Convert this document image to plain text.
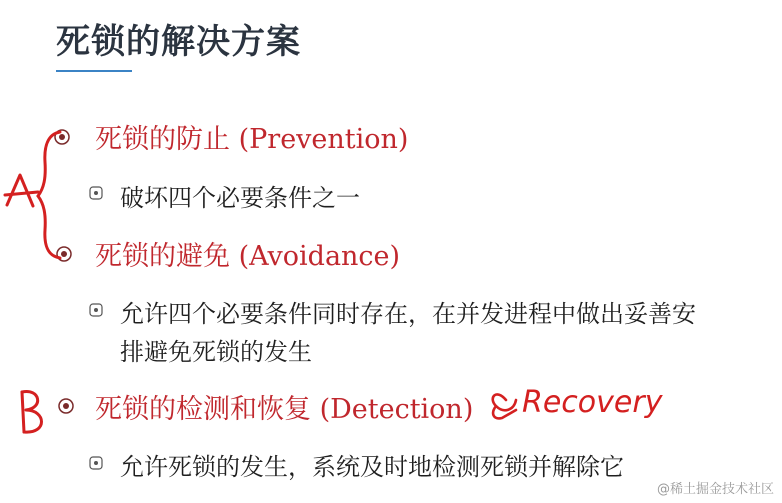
死锁的解决方案
死锁的防止 (Prevention)
破坏四个必要条件之一
死锁的避免 (Avoidance)
允许四个必要条件同时存在，在并发进程中做出妥善安
排避免死锁的发生
死锁的检测和恢复 (Detection)
允许死锁的发生，系统及时地检测死锁并解除它
Recovery
@稀土掘金技术社区
